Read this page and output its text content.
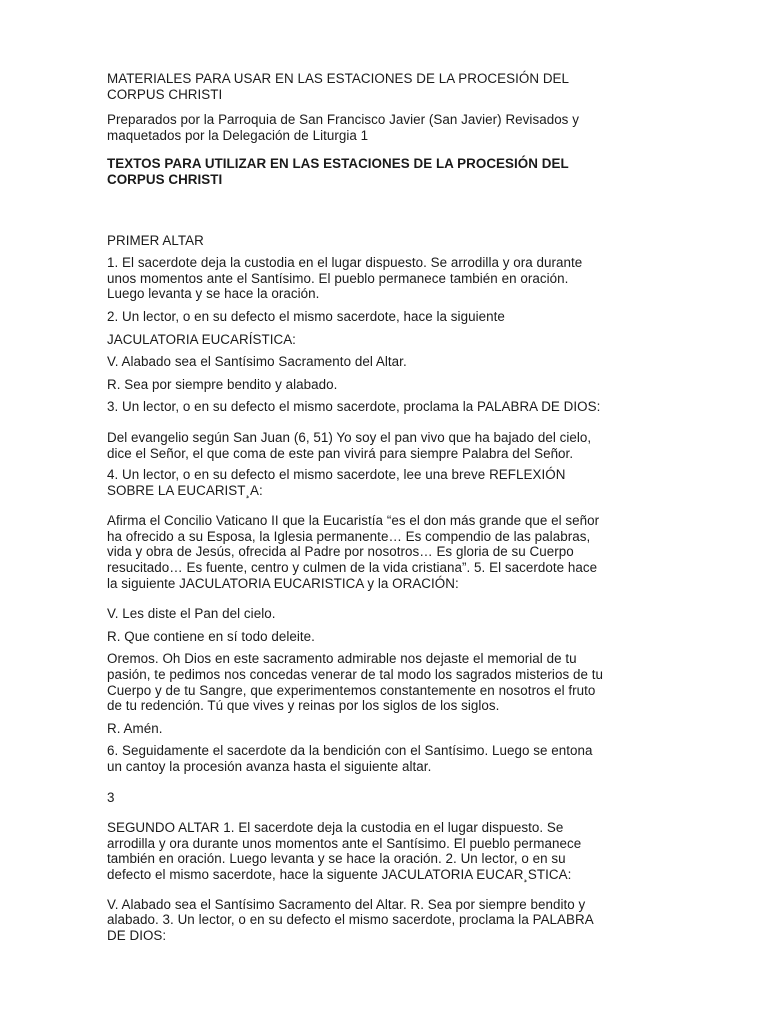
MATERIALES PARA USAR EN LAS ESTACIONES DE LA PROCESIÓN DEL
CORPUS CHRISTI

Preparados por la Parroquia de San Francisco Javier (San Javier) Revisados y
maquetados por la Delegación de Liturgia 1

TEXTOS PARA UTILIZAR EN LAS ESTACIONES DE LA PROCESIÓN DEL
CORPUS CHRISTI

PRIMER ALTAR

1. El sacerdote deja la custodia en el lugar dispuesto. Se arrodilla y ora durante
unos momentos ante el Santísimo. El pueblo permanece también en oración.
Luego levanta y se hace la oración.

2. Un lector, o en su defecto el mismo sacerdote, hace la siguiente

JACULATORIA EUCARÍSTICA:

V. Alabado sea el Santísimo Sacramento del Altar.

R. Sea por siempre bendito y alabado.

3. Un lector, o en su defecto el mismo sacerdote, proclama la PALABRA DE DIOS:

Del evangelio según San Juan (6, 51) Yo soy el pan vivo que ha bajado del cielo,
dice el Señor, el que coma de este pan vivirá para siempre Palabra del Señor.

4. Un lector, o en su defecto el mismo sacerdote, lee una breve REFLEXIÓN
SOBRE LA EUCARIST¸A:

Afirma el Concilio Vaticano II que la Eucaristía “es el don más grande que el señor
ha ofrecido a su Esposa, la Iglesia permanente… Es compendio de las palabras,
vida y obra de Jesús, ofrecida al Padre por nosotros… Es gloria de su Cuerpo
resucitado… Es fuente, centro y culmen de la vida cristiana”. 5. El sacerdote hace
la siguiente JACULATORIA EUCARISTICA y la ORACIÓN:

V. Les diste el Pan del cielo.

R. Que contiene en sí todo deleite.

Oremos. Oh Dios en este sacramento admirable nos dejaste el memorial de tu
pasión, te pedimos nos concedas venerar de tal modo los sagrados misterios de tu
Cuerpo y de tu Sangre, que experimentemos constantemente en nosotros el fruto
de tu redención. Tú que vives y reinas por los siglos de los siglos.

R. Amén.

6. Seguidamente el sacerdote da la bendición con el Santísimo. Luego se entona
un cantoy la procesión avanza hasta el siguiente altar.

3

SEGUNDO ALTAR 1. El sacerdote deja la custodia en el lugar dispuesto. Se
arrodilla y ora durante unos momentos ante el Santísimo. El pueblo permanece
también en oración. Luego levanta y se hace la oración. 2. Un lector, o en su
defecto el mismo sacerdote, hace la siguente JACULATORIA EUCAR¸STICA:

V. Alabado sea el Santísimo Sacramento del Altar. R. Sea por siempre bendito y
alabado. 3. Un lector, o en su defecto el mismo sacerdote, proclama la PALABRA
DE DIOS:
